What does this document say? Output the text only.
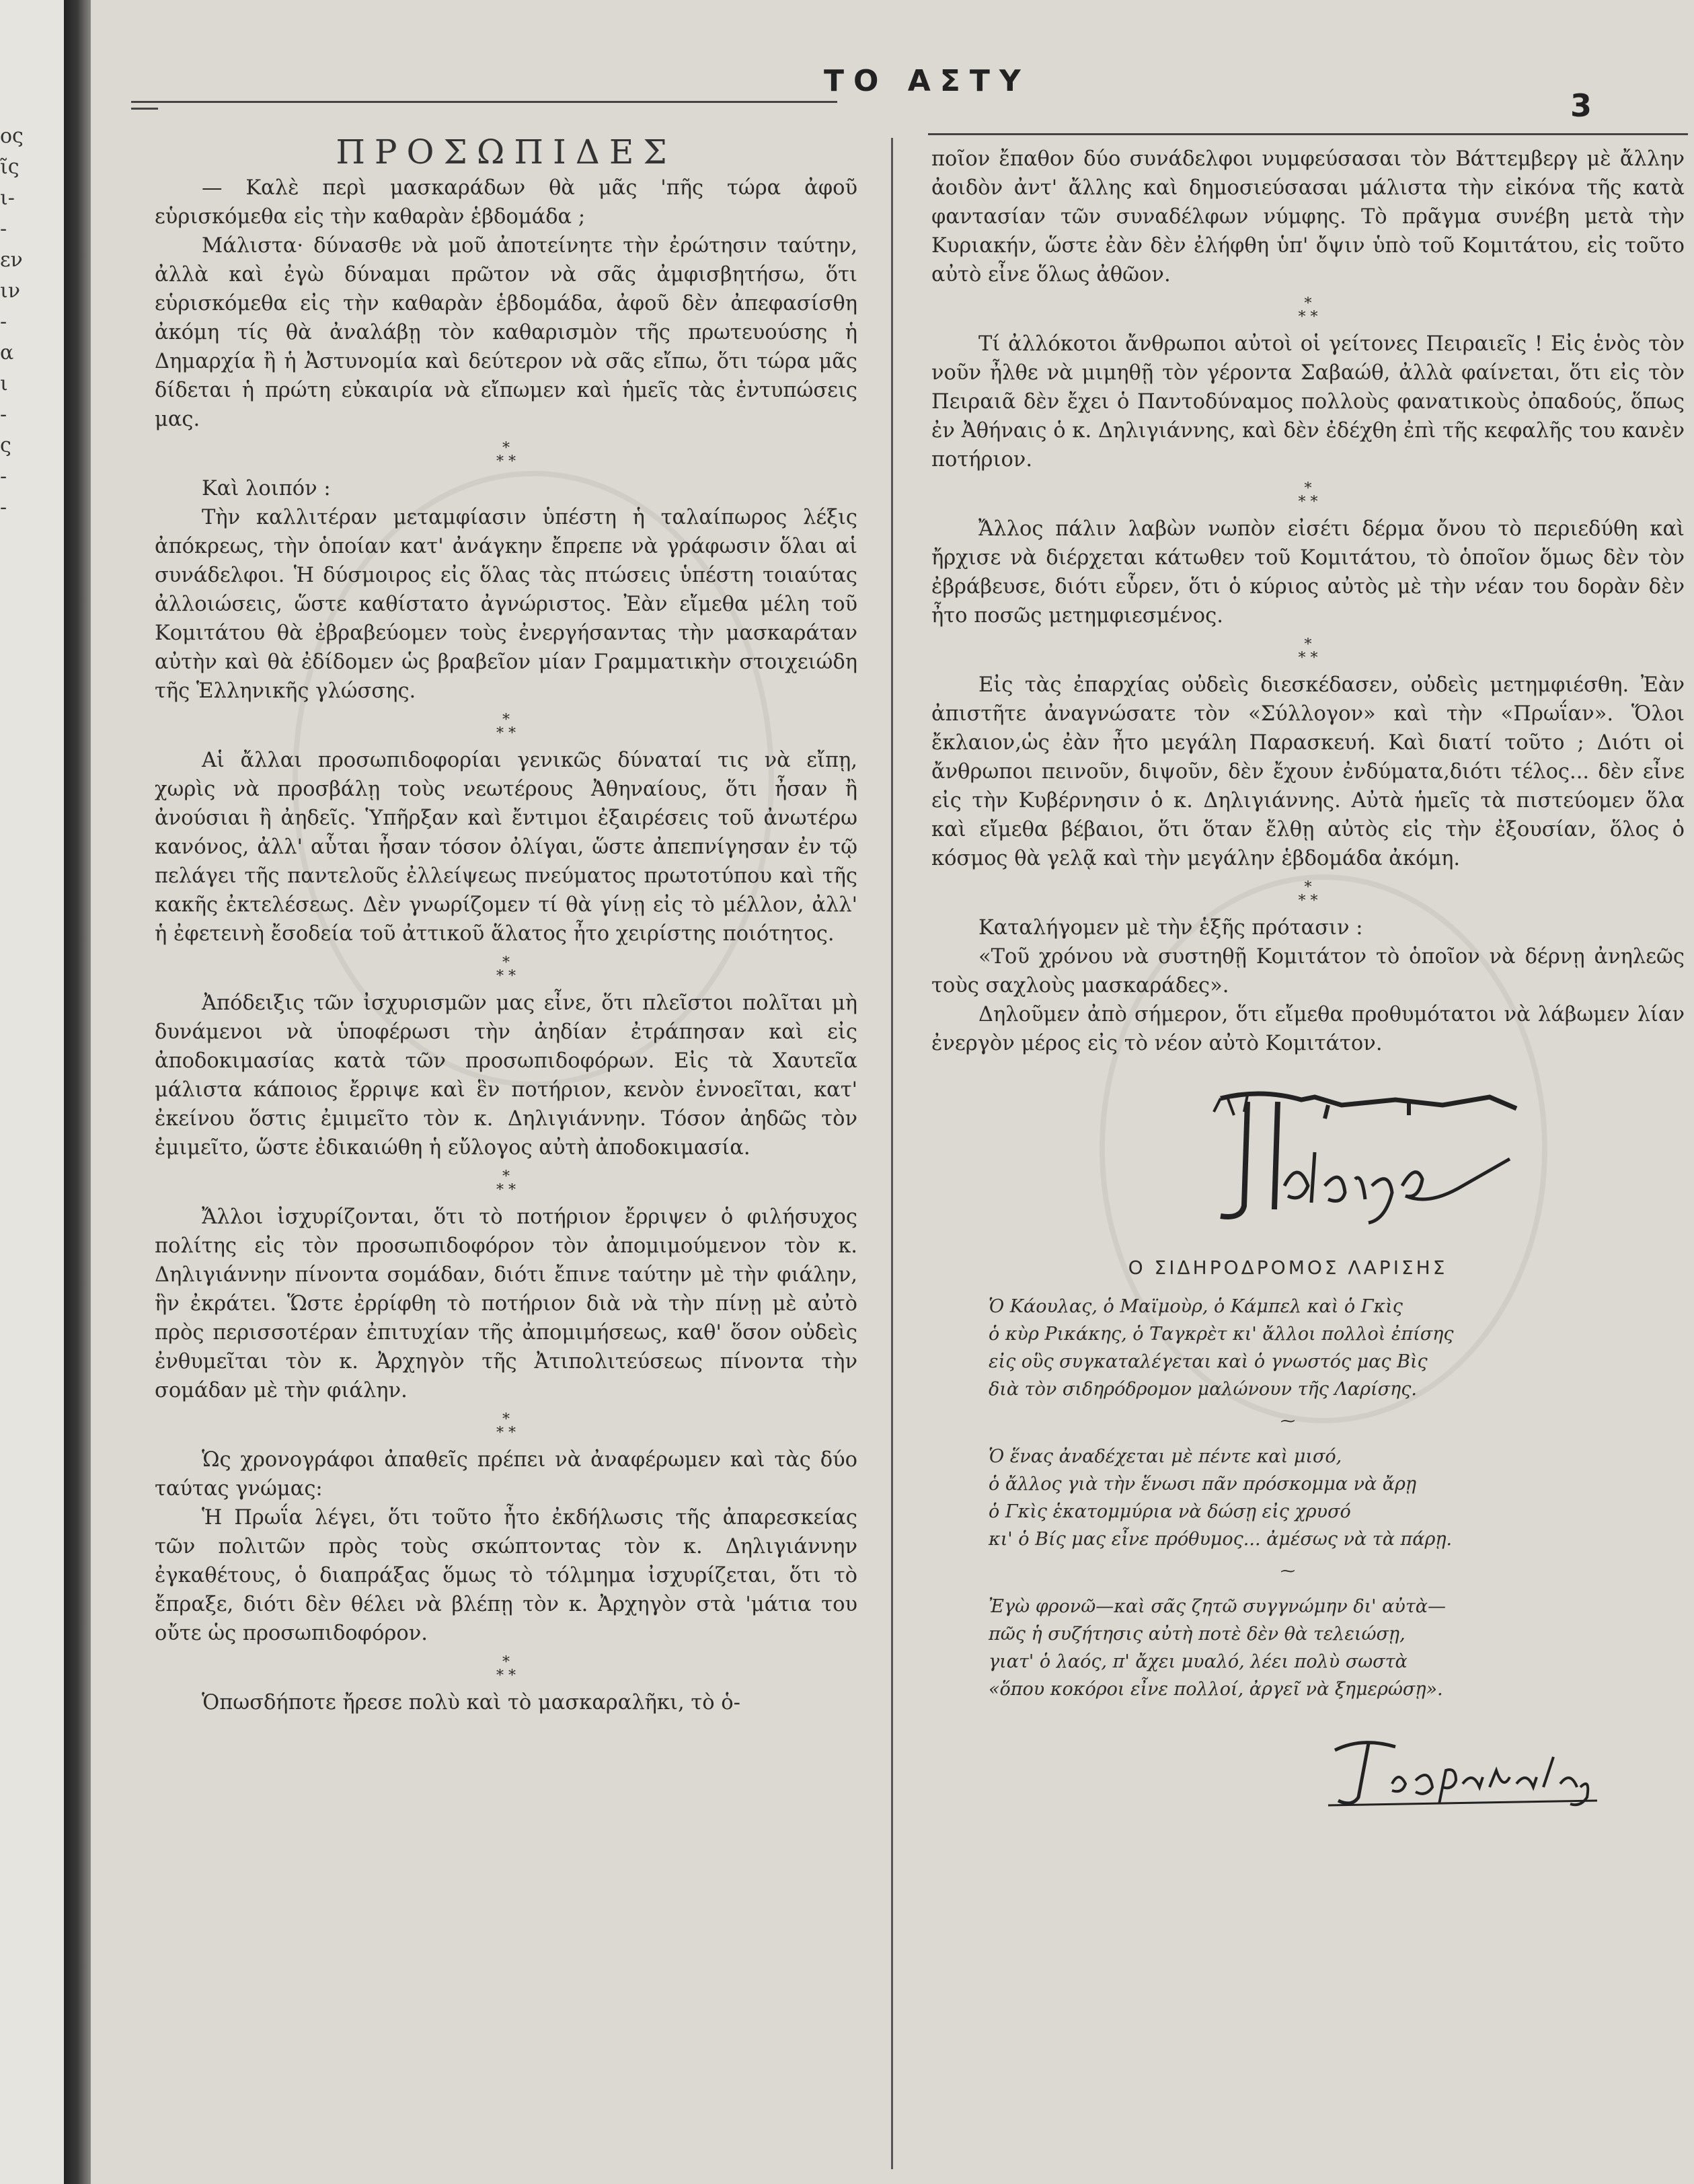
ος
ῖς
ι-
-
εν
ιν
-
α
ι
-
ς
-
-
ΤΟ ΑΣΤΥ
3
ΠΡΟΣΩΠΙΔΕΣ

— Καλὲ περὶ μασκαράδων θὰ μᾶς 'πῆς τώρα ἀφοῦ εὑρισκόμεθα εἰς τὴν καθαρὰν ἑβδομάδα ;

Μάλιστα· δύνασθε νὰ μοῦ ἀποτείνητε τὴν ἐρώτησιν ταύτην, ἀλλὰ καὶ ἐγὼ δύναμαι πρῶτον νὰ σᾶς ἀμφισβητήσω, ὅτι εὑρισκόμεθα εἰς τὴν καθαρὰν ἑβδομάδα, ἀφοῦ δὲν ἀπεφασίσθη ἀκόμη τίς θὰ ἀναλάβῃ τὸν καθαρισμὸν τῆς πρωτευούσης ἡ Δημαρχία ἢ ἡ Ἀστυνομία καὶ δεύτερον νὰ σᾶς εἴπω, ὅτι τώρα μᾶς δίδεται ἡ πρώτη εὐκαιρία νὰ εἴπωμεν καὶ ἡμεῖς τὰς ἐντυπώσεις μας.

*
* *

Καὶ λοιπόν :

Τὴν καλλιτέραν μεταμφίασιν ὑπέστη ἡ ταλαίπωρος λέξις ἀπόκρεως, τὴν ὁποίαν κατ' ἀνάγκην ἔπρεπε νὰ γράφωσιν ὅλαι αἱ συνάδελφοι. Ἡ δύσμοιρος εἰς ὅλας τὰς πτώσεις ὑπέστη τοιαύτας ἀλλοιώσεις, ὥστε καθίστατο ἀγνώριστος. Ἐὰν εἴμεθα μέλη τοῦ Κομιτάτου θὰ ἐβραβεύομεν τοὺς ἐνεργήσαντας τὴν μασκαράταν αὐτὴν καὶ θὰ ἐδίδομεν ὡς βραβεῖον μίαν Γραμματικὴν στοιχειώδη τῆς Ἑλληνικῆς γλώσσης.

*
* *

Αἱ ἄλλαι προσωπιδοφορίαι γενικῶς δύναταί τις νὰ εἴπῃ, χωρὶς νὰ προσβάλῃ τοὺς νεωτέρους Ἀθηναίους, ὅτι ἦσαν ἢ ἀνούσιαι ἢ ἀηδεῖς. Ὑπῆρξαν καὶ ἔντιμοι ἐξαιρέσεις τοῦ ἀνωτέρω κανόνος, ἀλλ' αὗται ἦσαν τόσον ὀλίγαι, ὥστε ἀπεπνίγησαν ἐν τῷ πελάγει τῆς παντελοῦς ἐλλείψεως πνεύματος πρωτοτύπου καὶ τῆς κακῆς ἐκτελέσεως. Δὲν γνωρίζομεν τί θὰ γίνῃ εἰς τὸ μέλλον, ἀλλ' ἡ ἐφετεινὴ ἔσοδεία τοῦ ἀττικοῦ ἅλατος ἦτο χειρίστης ποιότητος.

*
* *

Ἀπόδειξις τῶν ἰσχυρισμῶν μας εἶνε, ὅτι πλεῖστοι πολῖται μὴ δυνάμενοι νὰ ὑποφέρωσι τὴν ἀηδίαν ἐτράπησαν καὶ εἰς ἀποδοκιμασίας κατὰ τῶν προσωπιδοφόρων. Εἰς τὰ Χαυτεῖα μάλιστα κάποιος ἔρριψε καὶ ἓν ποτήριον, κενὸν ἐννοεῖται, κατ' ἐκείνου ὅστις ἐμιμεῖτο τὸν κ. Δηλιγιάννην. Τόσον ἀηδῶς τὸν ἐμιμεῖτο, ὥστε ἐδικαιώθη ἡ εὔλογος αὐτὴ ἀποδοκιμασία.

*
* *

Ἄλλοι ἰσχυρίζονται, ὅτι τὸ ποτήριον ἔρριψεν ὁ φιλήσυχος πολίτης εἰς τὸν προσωπιδοφόρον τὸν ἀπομιμούμενον τὸν κ. Δηλιγιάννην πίνοντα σομάδαν, διότι ἔπινε ταύτην μὲ τὴν φιάλην, ἣν ἐκράτει. Ὥστε ἐρρίφθη τὸ ποτήριον διὰ νὰ τὴν πίνῃ μὲ αὐτὸ πρὸς περισσοτέραν ἐπιτυχίαν τῆς ἀπομιμήσεως, καθ' ὅσον οὐδεὶς ἐνθυμεῖται τὸν κ. Ἀρχηγὸν τῆς Ἀτιπολιτεύσεως πίνοντα τὴν σομάδαν μὲ τὴν φιάλην.

*
* *

Ὡς χρονογράφοι ἀπαθεῖς πρέπει νὰ ἀναφέρωμεν καὶ τὰς δύο ταύτας γνώμας:

Ἡ Πρωΐα λέγει, ὅτι τοῦτο ἦτο ἐκδήλωσις τῆς ἀπαρεσκείας τῶν πολιτῶν πρὸς τοὺς σκώπτοντας τὸν κ. Δηλιγιάννην ἐγκαθέτους, ὁ διαπράξας ὅμως τὸ τόλμημα ἰσχυρίζεται, ὅτι τὸ ἔπραξε, διότι δὲν θέλει νὰ βλέπῃ τὸν κ. Ἀρχηγὸν στὰ 'μάτια του οὔτε ὡς προσωπιδοφόρον.

*
* *

Ὁπωσδήποτε ἤρεσε πολὺ καὶ τὸ μασκαραλῆκι, τὸ ὁ-

ποῖον ἔπαθον δύο συνάδελφοι νυμφεύσασαι τὸν Βάττεμβεργ μὲ ἄλλην ἀοιδὸν ἀντ' ἄλλης καὶ δημοσιεύσασαι μάλιστα τὴν εἰκόνα τῆς κατὰ φαντασίαν τῶν συναδέλφων νύμφης. Τὸ πρᾶγμα συνέβη μετὰ τὴν Κυριακήν, ὥστε ἐὰν δὲν ἐλήφθη ὑπ' ὄψιν ὑπὸ τοῦ Κομιτάτου, εἰς τοῦτο αὐτὸ εἶνε ὅλως ἀθῶον.

*
* *

Τί ἀλλόκοτοι ἄνθρωποι αὐτοὶ οἱ γείτονες Πειραιεῖς ! Εἰς ἑνὸς τὸν νοῦν ἦλθε νὰ μιμηθῇ τὸν γέροντα Σαβαώθ, ἀλλὰ φαίνεται, ὅτι εἰς τὸν Πειραιᾶ δὲν ἔχει ὁ Παντοδύναμος πολλοὺς φανατικοὺς ὀπαδούς, ὅπως ἐν Ἀθήναις ὁ κ. Δηλιγιάννης, καὶ δὲν ἐδέχθη ἐπὶ τῆς κεφαλῆς του κανὲν ποτήριον.

*
* *

Ἄλλος πάλιν λαβὼν νωπὸν εἰσέτι δέρμα ὄνου τὸ περιεδύθη καὶ ἤρχισε νὰ διέρχεται κάτωθεν τοῦ Κομιτάτου, τὸ ὁποῖον ὅμως δὲν τὸν ἐβράβευσε, διότι εὗρεν, ὅτι ὁ κύριος αὐτὸς μὲ τὴν νέαν του δορὰν δὲν ἦτο ποσῶς μετημφιεσμένος.

*
* *

Εἰς τὰς ἐπαρχίας οὐδεὶς διεσκέδασεν, οὐδεὶς μετημφιέσθη. Ἐὰν ἀπιστῆτε ἀναγνώσατε τὸν «Σύλλογον» καὶ τὴν «Πρωΐαν». Ὅλοι ἔκλαιον,ὡς ἐὰν ἦτο μεγάλη Παρασκευή. Καὶ διατί τοῦτο ; Διότι οἱ ἄνθρωποι πεινοῦν, διψοῦν, δὲν ἔχουν ἐνδύματα,διότι τέλος... δὲν εἶνε εἰς τὴν Κυβέρνησιν ὁ κ. Δηλιγιάννης. Αὐτὰ ἡμεῖς τὰ πιστεύομεν ὅλα καὶ εἴμεθα βέβαιοι, ὅτι ὅταν ἔλθῃ αὐτὸς εἰς τὴν ἐξουσίαν, ὅλος ὁ κόσμος θὰ γελᾷ καὶ τὴν μεγάλην ἑβδομάδα ἀκόμη.

*
* *

Καταλήγομεν μὲ τὴν ἑξῆς πρότασιν :

«Τοῦ χρόνου νὰ συστηθῇ Κομιτάτον τὸ ὁποῖον νὰ δέρνῃ ἀνηλεῶς τοὺς σαχλοὺς μασκαράδες».

Δηλοῦμεν ἀπὸ σήμερον, ὅτι εἴμεθα προθυμότατοι νὰ λάβωμεν λίαν ἐνεργὸν μέρος εἰς τὸ νέον αὐτὸ Κομιτάτον.

Ο ΣΙΔΗΡΟΔΡΟΜΟΣ ΛΑΡΙΣΗΣ
Ὁ Κάουλας, ὁ Μαϊμοὺρ, ὁ Κάμπελ καὶ ὁ Γκὶς
ὁ κὺρ Ρικάκης, ὁ Ταγκρὲτ κι' ἄλλοι πολλοὶ ἐπίσης
εἰς οὓς συγκαταλέγεται καὶ ὁ γνωστός μας Βὶς
διὰ τὸν σιδηρόδρομον μαλώνουν τῆς Λαρίσης.
⁓
Ὁ ἕνας ἀναδέχεται μὲ πέντε καὶ μισό,
ὁ ἄλλος γιὰ τὴν ἕνωσι πᾶν πρόσκομμα νὰ ἄρῃ
ὁ Γκὶς ἑκατομμύρια νὰ δώσῃ εἰς χρυσό
κι' ὁ Βίς μας εἶνε πρόθυμος... ἀμέσως νὰ τὰ πάρῃ.
⁓
Ἐγὼ φρονῶ—καὶ σᾶς ζητῶ συγγνώμην δι' αὐτὰ—
πῶς ἡ συζήτησις αὐτὴ ποτὲ δὲν θὰ τελειώσῃ,
γιατ' ὁ λαός, π' ἄχει μυαλό, λέει πολὺ σωστὰ
«ὅπου κοκόροι εἶνε πολλοί, ἀργεῖ νὰ ξημερώσῃ».
